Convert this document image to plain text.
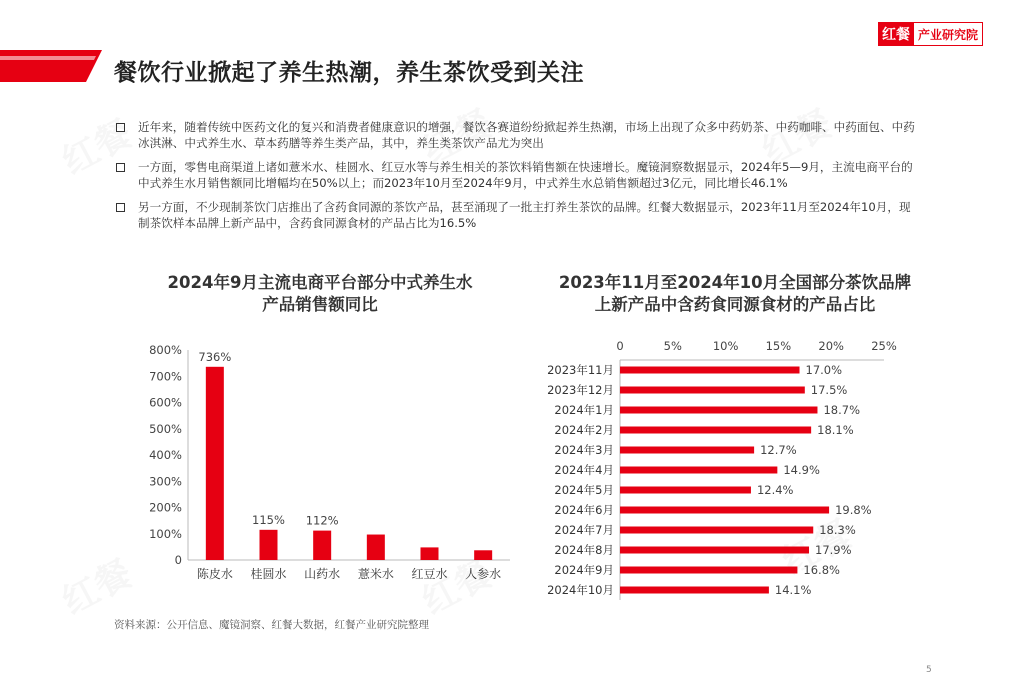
餐饮行业掀起了养生热潮，养生茶饮受到关注
红餐 产业研究院
近年来，随着传统中医药文化的复兴和消费者健康意识的增强，餐饮各赛道纷纷掀起养生热潮，市场上出现了众多中药奶茶、中药咖啡、中药面包、中药冰淇淋、中式养生水、草本药膳等养生类产品，其中，养生类茶饮产品尤为突出
一方面，零售电商渠道上诸如薏米水、桂圆水、红豆水等与养生相关的茶饮料销售额在快速增长。魔镜洞察数据显示，2024年5—9月，主流电商平台的中式养生水月销售额同比增幅均在50%以上；而2023年10月至2024年9月，中式养生水总销售额超过3亿元，同比增长46.1%
另一方面，不少现制茶饮门店推出了含药食同源的茶饮产品，甚至涌现了一批主打养生茶饮的品牌。红餐大数据显示，2023年11月至2024年10月，现制茶饮样本品牌上新产品中，含药食同源食材的产品占比为16.5%
2024年9月主流电商平台部分中式养生水
产品销售额同比
2023年11月至2024年10月全国部分茶饮品牌
上新产品中含药食同源食材的产品占比
0
100%
200%
300%
400%
500%
600%
700%
800%
陈皮水
736%
桂圆水
115%
山药水
112%
薏米水 红豆水 人参水
0	5%	10% 15% 20% 25%
2023年11月	17.0%
2023年12月	17.5%
2024年1月	18.7%
2024年2月	18.1%
2024年3月	12.7%
2024年4月	14.9%
2024年5月	12.4%
2024年6月	19.8%
2024年7月	18.3%
2024年8月	17.9%
2024年9月	16.8%
2024年10月	14.1%
资料来源：公开信息、魔镜洞察、红餐大数据，红餐产业研究院整理
5
